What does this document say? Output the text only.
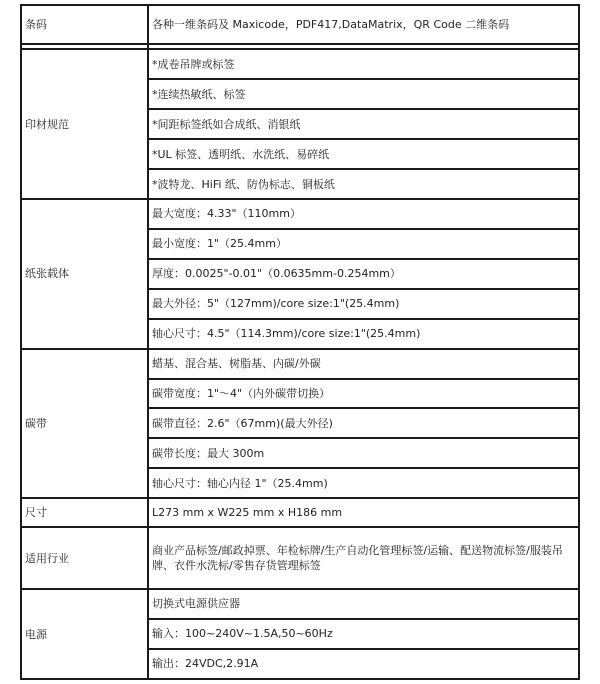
条码	各种一维条码及 Maxicode，PDF417,DataMatrix，QR Code 二维条码

印材规范	*成卷吊牌或标签
	*连续热敏纸、标签
	*间距标签纸如合成纸、消银纸
	*UL 标签、透明纸、水洗纸、易碎纸
	*波特龙、HiFi 纸、防伪标志、铜板纸
纸张载体	最大宽度：4.33"（110mm）
	最小宽度：1"（25.4mm）
	厚度：0.0025"-0.01"（0.0635mm-0.254mm）
	最大外径：5"（127mm)/core size:1"(25.4mm)
	轴心尺寸：4.5"（114.3mm)/core size:1"(25.4mm)
碳带	蜡基、混合基、树脂基、内碳/外碳
	碳带宽度：1"～4"（内外碳带切换）
	碳带直径：2.6"（67mm)(最大外径)
	碳带长度：最大 300m
	轴心尺寸：轴心内径 1"（25.4mm)
尺寸	L273 mm x W225 mm x H186 mm
适用行业	商业产品标签/邮政掉票、年检标牌/生产自动化管理标签/运输、配送物流标签/服装吊牌、衣件水洗标/零售存货管理标签
电源	切换式电源供应器
	输入：100~240V~1.5A,50~60Hz
	输出：24VDC,2.91A
